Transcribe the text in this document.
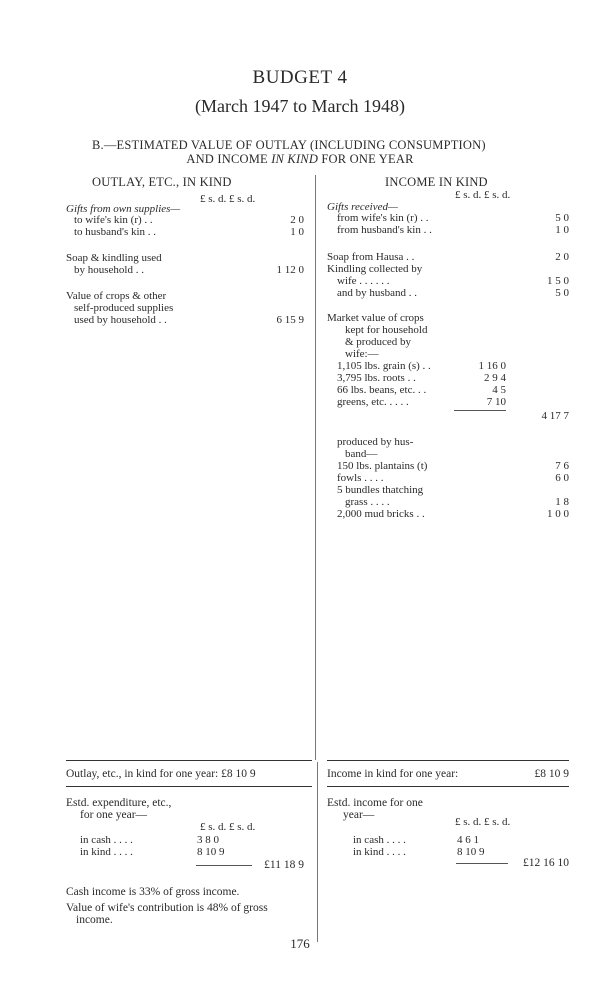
BUDGET 4
(March 1947 to March 1948)
B.—ESTIMATED VALUE OF OUTLAY (INCLUDING CONSUMPTION)
AND INCOME IN KIND FOR ONE YEAR
OUTLAY, ETC., IN KIND	INCOME IN KIND
£ s. d. £ s. d.
Gifts from own supplies—
to wife's kin (r) . .	2 0
to husband's kin . .	1 0
Soap & kindling used
by household . .	1 12 0
Value of crops & other
self-produced supplies
used by household . .	6 15 9
£ s. d. £ s. d.
Gifts received—
from wife's kin (r) . .	5 0
from husband's kin . .	1 0
Soap from Hausa . .	2 0
Kindling collected by
wife . . . . . .	1 5 0
and by husband . .	5 0
Market value of crops
kept for household
& produced by
wife:—
1,105 lbs. grain (s) . .	1 16 0
3,795 lbs. roots . .	2 9 4
66 lbs. beans, etc. . .	4 5
greens, etc. . . . .	7 10
4 17 7
produced by hus-
band—
150 lbs. plantains (t)	7 6
fowls . . . .	6 0
5 bundles thatching
grass . . . .	1 8
2,000 mud bricks . .	1 0 0
Outlay, etc., in kind for one year: £8 10 9
Estd. expenditure, etc.,
for one year—
£ s. d. £ s. d.
in cash . . . .	3 8 0
in kind . . . .	8 10 9
£11 18 9
Cash income is 33% of gross income.
Value of wife's contribution is 48% of gross
income.
Income in kind for one year:	£8 10 9
Estd. income for one
year—
£ s. d. £ s. d.
in cash . . . .	4 6 1
in kind . . . .	8 10 9
£12 16 10
176
